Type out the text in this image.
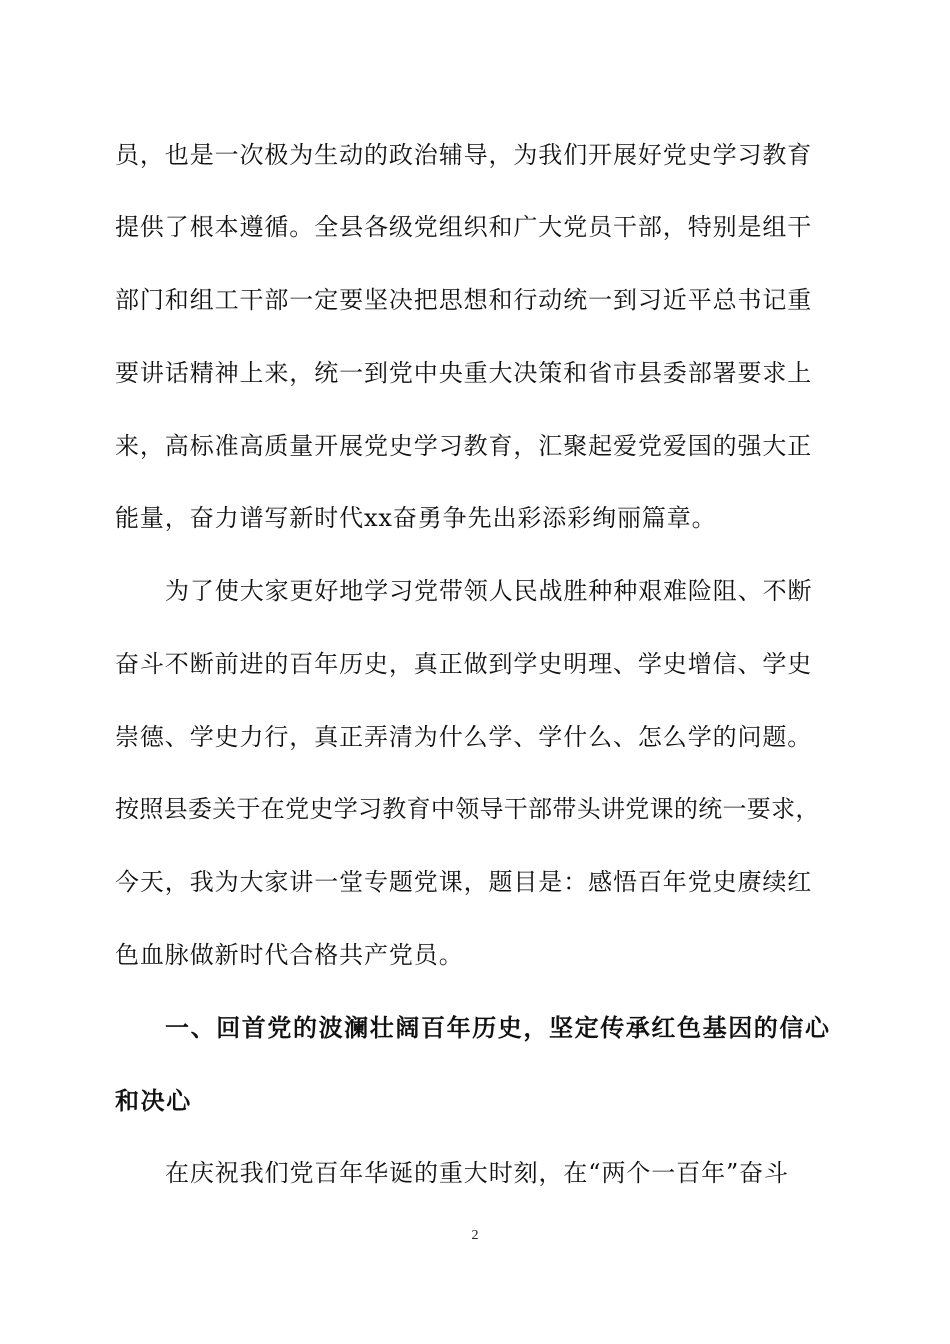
员，也是一次极为生动的政治辅导，为我们开展好党史学习教育
提供了根本遵循。全县各级党组织和广大党员干部，特别是组干
部门和组工干部一定要坚决把思想和行动统一到习近平总书记重
要讲话精神上来，统一到党中央重大决策和省市县委部署要求上
来，高标准高质量开展党史学习教育，汇聚起爱党爱国的强大正
能量，奋力谱写新时代xx奋勇争先出彩添彩绚丽篇章。
为了使大家更好地学习党带领人民战胜种种艰难险阻、不断
奋斗不断前进的百年历史，真正做到学史明理、学史增信、学史
崇德、学史力行，真正弄清为什么学、学什么、怎么学的问题。
按照县委关于在党史学习教育中领导干部带头讲党课的统一要求，
今天，我为大家讲一堂专题党课，题目是：感悟百年党史赓续红
色血脉做新时代合格共产党员。
一、回首党的波澜壮阔百年历史，坚定传承红色基因的信心
和决心
在庆祝我们党百年华诞的重大时刻，在“两个一百年”奋斗
2
